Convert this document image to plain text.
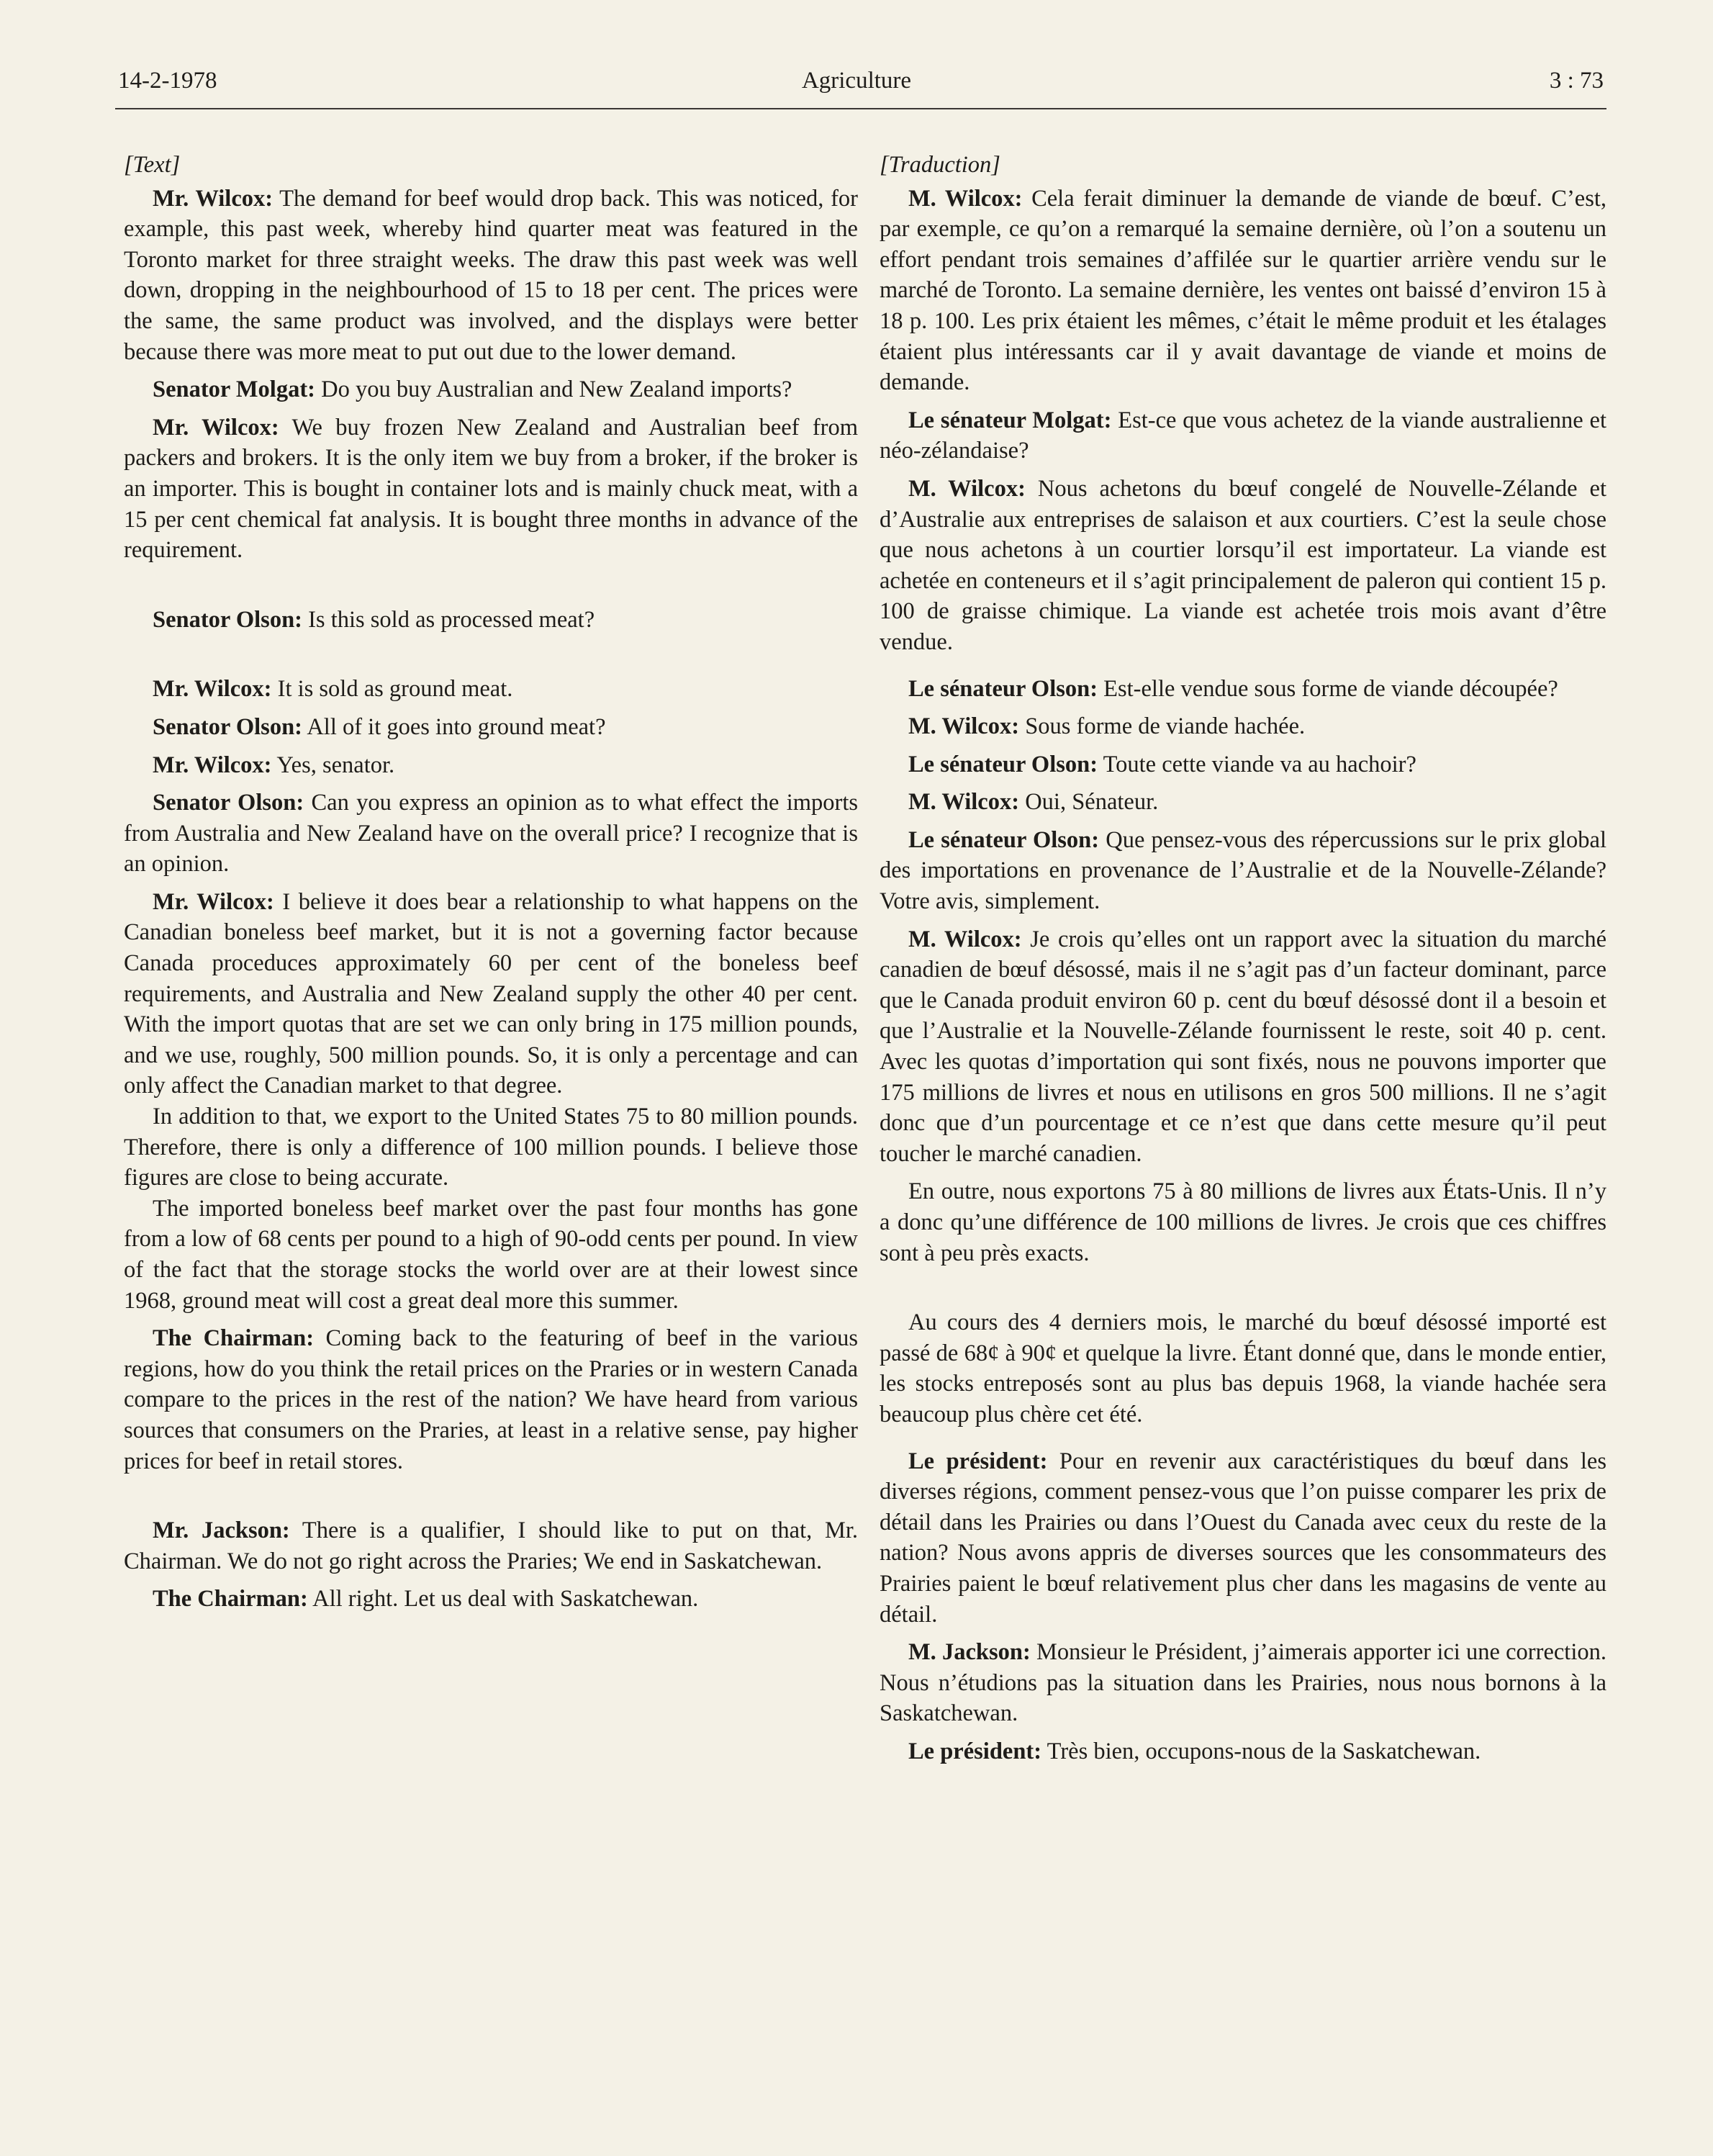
Agriculture
14-2-1978	3 : 73

[Text]

Mr. Wilcox: The demand for beef would drop back. This was noticed, for example, this past week, whereby hind quarter meat was featured in the Toronto market for three straight weeks. The draw this past week was well down, dropping in the neighbourhood of 15 to 18 per cent. The prices were the same, the same product was involved, and the displays were better because there was more meat to put out due to the lower demand.

Senator Molgat: Do you buy Australian and New Zealand imports?

Mr. Wilcox: We buy frozen New Zealand and Australian beef from packers and brokers. It is the only item we buy from a broker, if the broker is an importer. This is bought in container lots and is mainly chuck meat, with a 15 per cent chemical fat analysis. It is bought three months in advance of the requirement.

Senator Olson: Is this sold as processed meat?

Mr. Wilcox: It is sold as ground meat.

Senator Olson: All of it goes into ground meat?

Mr. Wilcox: Yes, senator.

Senator Olson: Can you express an opinion as to what effect the imports from Australia and New Zealand have on the overall price? I recognize that is an opinion.

Mr. Wilcox: I believe it does bear a relationship to what happens on the Canadian boneless beef market, but it is not a governing factor because Canada proceduces approximately 60 per cent of the boneless beef requirements, and Australia and New Zealand supply the other 40 per cent. With the import quotas that are set we can only bring in 175 million pounds, and we use, roughly, 500 million pounds. So, it is only a percentage and can only affect the Canadian market to that degree.

In addition to that, we export to the United States 75 to 80 million pounds. Therefore, there is only a difference of 100 million pounds. I believe those figures are close to being accurate.

The imported boneless beef market over the past four months has gone from a low of 68 cents per pound to a high of 90-odd cents per pound. In view of the fact that the storage stocks the world over are at their lowest since 1968, ground meat will cost a great deal more this summer.

The Chairman: Coming back to the featuring of beef in the various regions, how do you think the retail prices on the Praries or in western Canada compare to the prices in the rest of the nation? We have heard from various sources that consumers on the Praries, at least in a relative sense, pay higher prices for beef in retail stores.

Mr. Jackson: There is a qualifier, I should like to put on that, Mr. Chairman. We do not go right across the Praries; We end in Saskatchewan.

The Chairman: All right. Let us deal with Saskatchewan.

[Traduction]

M. Wilcox: Cela ferait diminuer la demande de viande de bœuf. C’est, par exemple, ce qu’on a remarqué la semaine dernière, où l’on a soutenu un effort pendant trois semaines d’affilée sur le quartier arrière vendu sur le marché de Toronto. La semaine dernière, les ventes ont baissé d’environ 15 à 18 p. 100. Les prix étaient les mêmes, c’était le même produit et les étalages étaient plus intéressants car il y avait davantage de viande et moins de demande.

Le sénateur Molgat: Est-ce que vous achetez de la viande australienne et néo-zélandaise?

M. Wilcox: Nous achetons du bœuf congelé de Nouvelle-Zélande et d’Australie aux entreprises de salaison et aux courtiers. C’est la seule chose que nous achetons à un courtier lorsqu’il est importateur. La viande est achetée en conteneurs et il s’agit principalement de paleron qui contient 15 p. 100 de graisse chimique. La viande est achetée trois mois avant d’être vendue.

Le sénateur Olson: Est-elle vendue sous forme de viande découpée?

M. Wilcox: Sous forme de viande hachée.

Le sénateur Olson: Toute cette viande va au hachoir?

M. Wilcox: Oui, Sénateur.

Le sénateur Olson: Que pensez-vous des répercussions sur le prix global des importations en provenance de l’Australie et de la Nouvelle-Zélande? Votre avis, simplement.

M. Wilcox: Je crois qu’elles ont un rapport avec la situation du marché canadien de bœuf désossé, mais il ne s’agit pas d’un facteur dominant, parce que le Canada produit environ 60 p. cent du bœuf désossé dont il a besoin et que l’Australie et la Nouvelle-Zélande fournissent le reste, soit 40 p. cent. Avec les quotas d’importation qui sont fixés, nous ne pouvons importer que 175 millions de livres et nous en utilisons en gros 500 millions. Il ne s’agit donc que d’un pourcentage et ce n’est que dans cette mesure qu’il peut toucher le marché canadien.

En outre, nous exportons 75 à 80 millions de livres aux États-Unis. Il n’y a donc qu’une différence de 100 millions de livres. Je crois que ces chiffres sont à peu près exacts.

Au cours des 4 derniers mois, le marché du bœuf désossé importé est passé de 68¢ à 90¢ et quelque la livre. Étant donné que, dans le monde entier, les stocks entreposés sont au plus bas depuis 1968, la viande hachée sera beaucoup plus chère cet été.

Le président: Pour en revenir aux caractéristiques du bœuf dans les diverses régions, comment pensez-vous que l’on puisse comparer les prix de détail dans les Prairies ou dans l’Ouest du Canada avec ceux du reste de la nation? Nous avons appris de diverses sources que les consommateurs des Prairies paient le bœuf relativement plus cher dans les magasins de vente au détail.

M. Jackson: Monsieur le Président, j’aimerais apporter ici une correction. Nous n’étudions pas la situation dans les Prairies, nous nous bornons à la Saskatchewan.

Le président: Très bien, occupons-nous de la Saskatchewan.
